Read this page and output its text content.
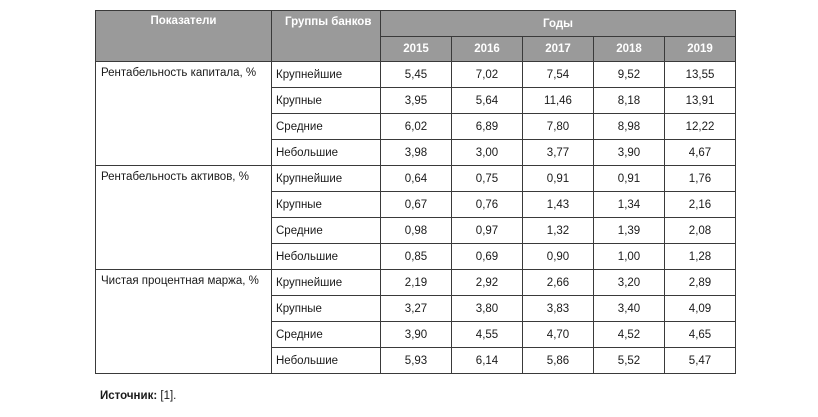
Показатели	Группы банков	Годы				
		2015	2016	2017	2018	2019
Рентабельность капитала, %	Крупнейшие	5,45	7,02	7,54	9,52	13,55
	Крупные	3,95	5,64	11,46	8,18	13,91
	Средние	6,02	6,89	7,80	8,98	12,22
	Небольшие	3,98	3,00	3,77	3,90	4,67
Рентабельность активов, %	Крупнейшие	0,64	0,75	0,91	0,91	1,76
	Крупные	0,67	0,76	1,43	1,34	2,16
	Средние	0,98	0,97	1,32	1,39	2,08
	Небольшие	0,85	0,69	0,90	1,00	1,28
Чистая процентная маржа, %	Крупнейшие	2,19	2,92	2,66	3,20	2,89
	Крупные	3,27	3,80	3,83	3,40	4,09
	Средние	3,90	4,55	4,70	4,52	4,65
	Небольшие	5,93	6,14	5,86	5,52	5,47
Источник: [1].
